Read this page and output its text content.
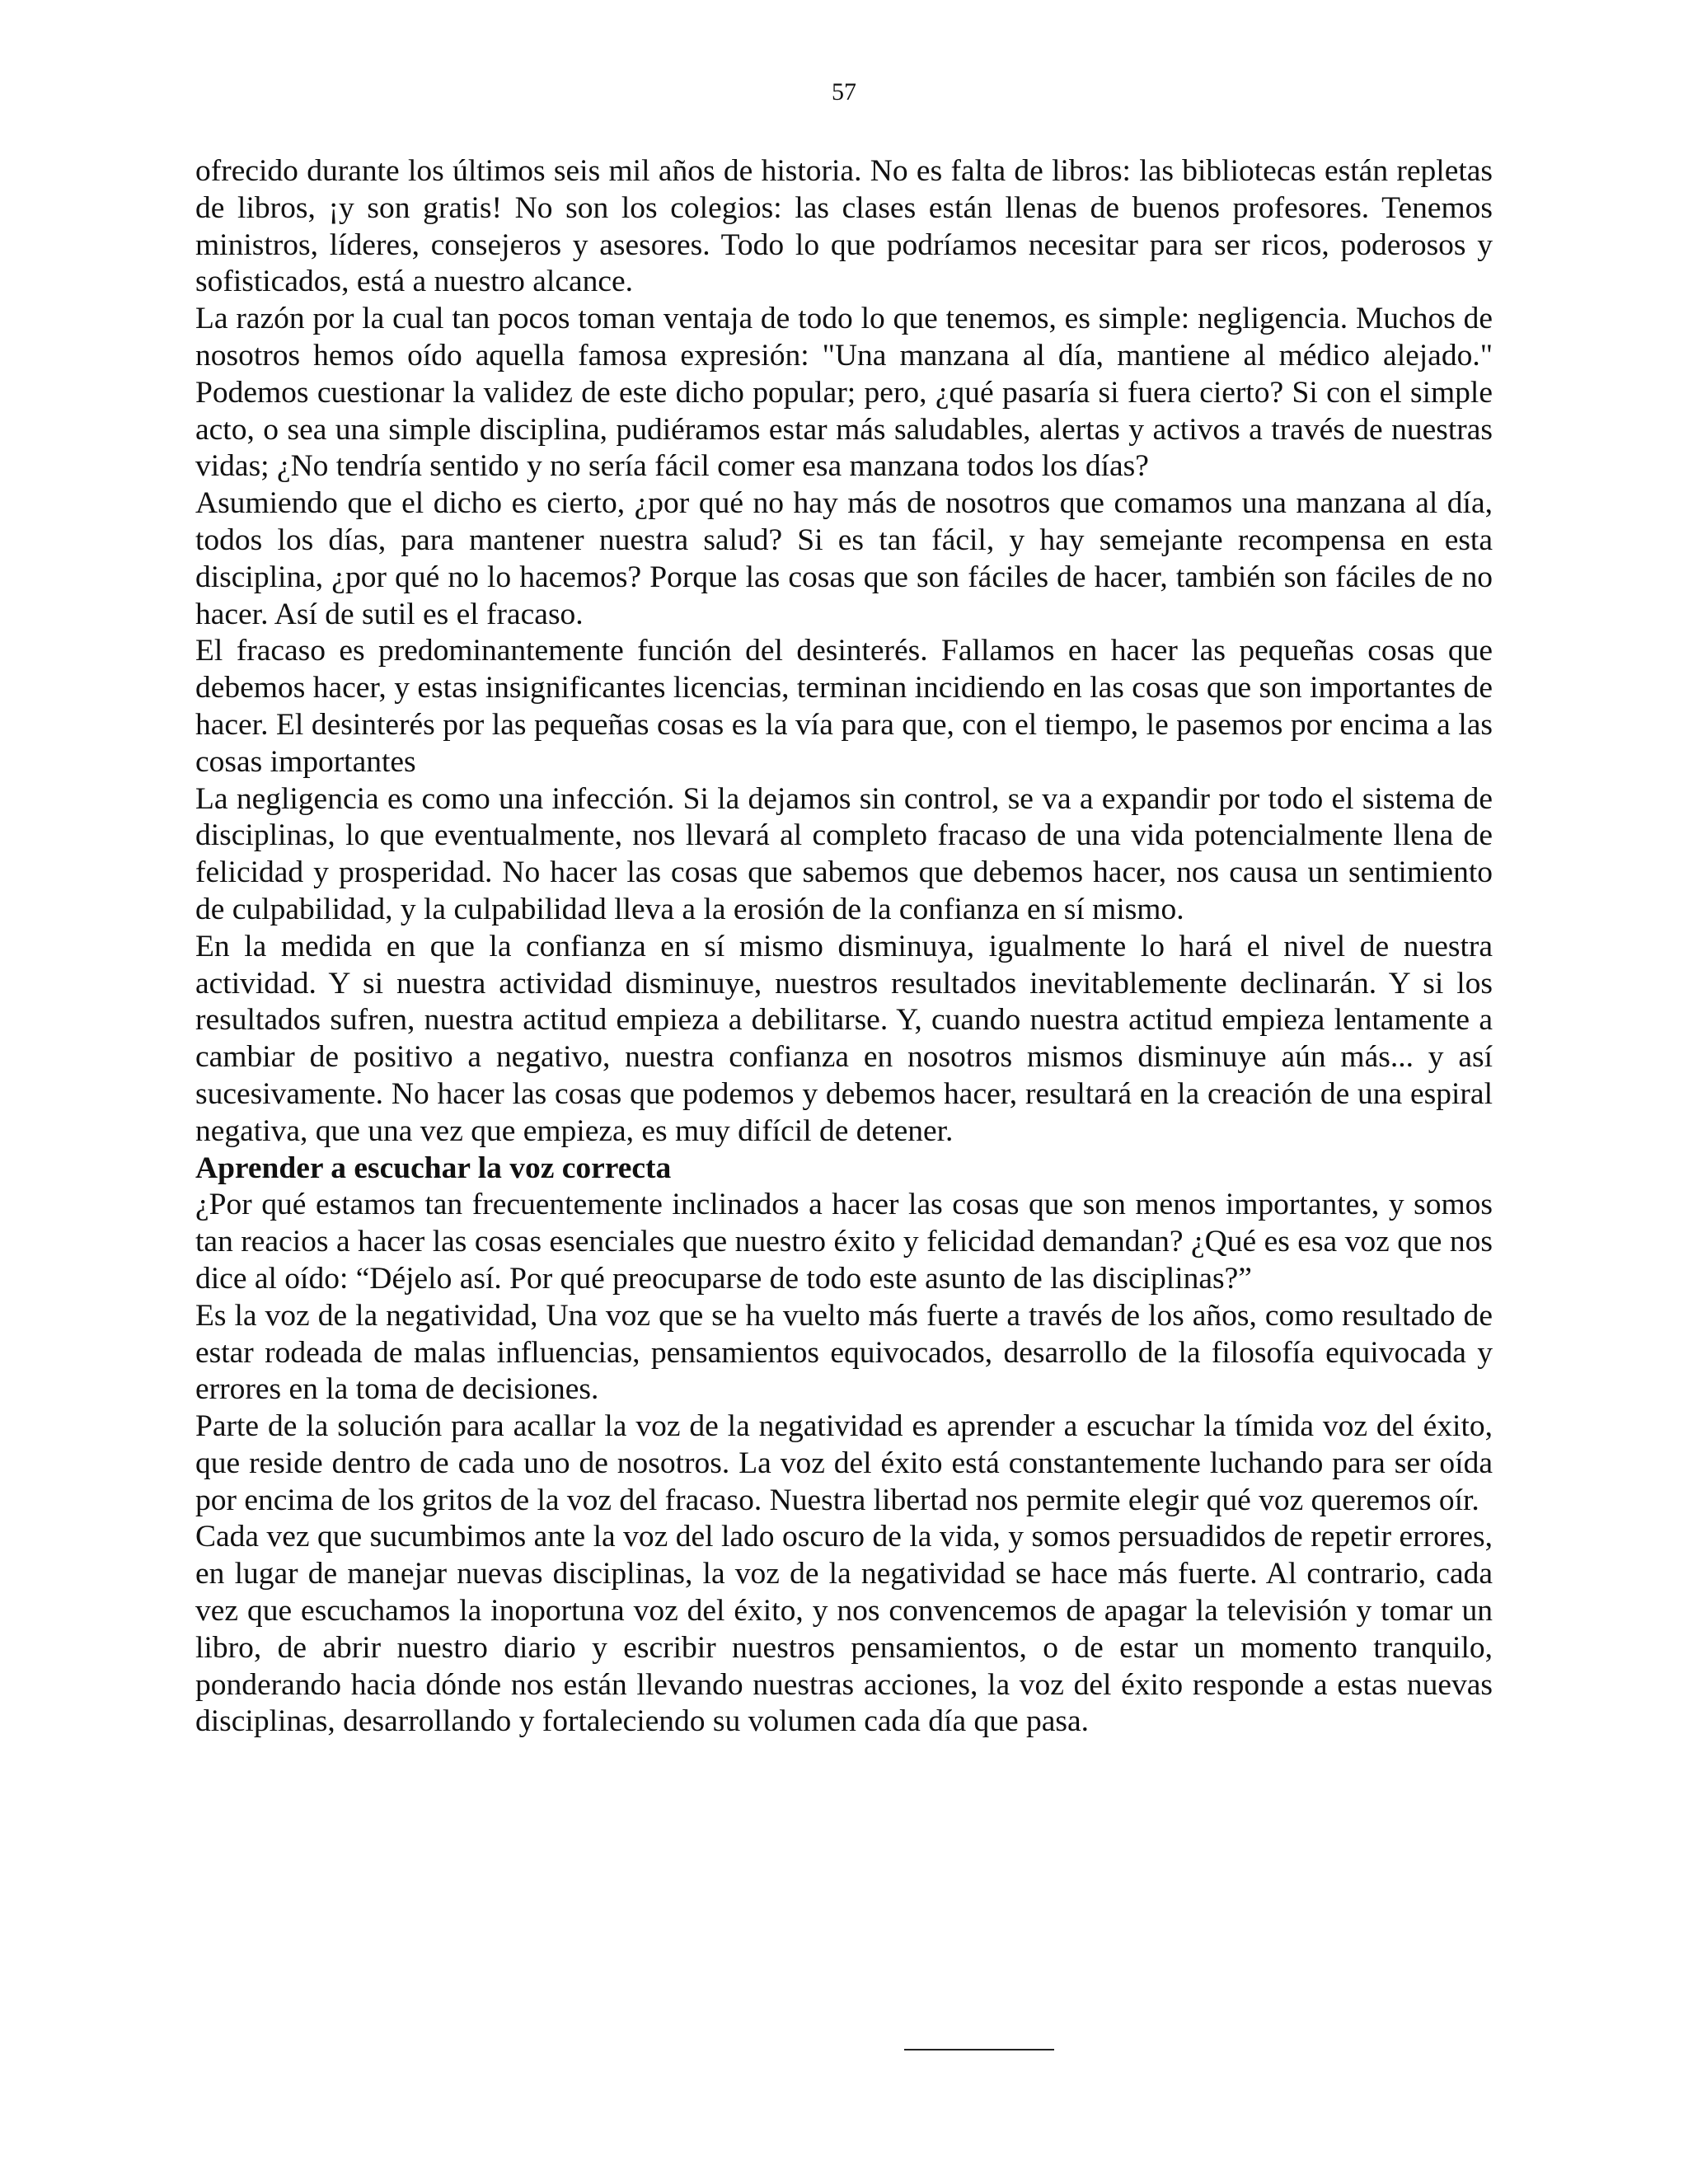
57

ofrecido durante los últimos seis mil años de historia. No es falta de libros: las bibliotecas están repletas de libros, ¡y son gratis! No son los colegios: las clases están llenas de buenos profesores. Tenemos ministros, líderes, consejeros y asesores. Todo lo que podríamos necesitar para ser ricos, poderosos y sofisticados, está a nuestro alcance.

La razón por la cual tan pocos toman ventaja de todo lo que tenemos, es simple: negligencia. Muchos de nosotros hemos oído aquella famosa expresión: "Una manzana al día, mantiene al médico alejado." Podemos cuestionar la validez de este dicho popular; pero, ¿qué pasaría si fuera cierto? Si con el simple acto, o sea una simple disciplina, pudiéramos estar más saludables, alertas y activos a través de nuestras vidas; ¿No tendría sentido y no sería fácil comer esa manzana todos los días?

Asumiendo que el dicho es cierto, ¿por qué no hay más de nosotros que comamos una manzana al día, todos los días, para mantener nuestra salud? Si es tan fácil, y hay semejante recompensa en esta disciplina, ¿por qué no lo hacemos? Porque las cosas que son fáciles de hacer, también son fáciles de no hacer. Así de sutil es el fracaso.

El fracaso es predominantemente función del desinterés. Fallamos en hacer las pequeñas cosas que debemos hacer, y estas insignificantes licencias, terminan incidiendo en las cosas que son importantes de hacer. El desinterés por las pequeñas cosas es la vía para que, con el tiempo, le pasemos por encima a las cosas importantes

La negligencia es como una infección. Si la dejamos sin control, se va a expandir por todo el sistema de disciplinas, lo que eventualmente, nos llevará al completo fracaso de una vida potencialmente llena de felicidad y prosperidad. No hacer las cosas que sabemos que debemos hacer, nos causa un sentimiento de culpabilidad, y la culpabilidad lleva a la erosión de la confianza en sí mismo.

En la medida en que la confianza en sí mismo disminuya, igualmente lo hará el nivel de nuestra actividad. Y si nuestra actividad disminuye, nuestros resultados inevitablemente declinarán. Y si los resultados sufren, nuestra actitud empieza a debilitarse. Y, cuando nuestra actitud empieza lentamente a cambiar de positivo a negativo, nuestra confianza en nosotros mismos disminuye aún más... y así sucesivamente. No hacer las cosas que podemos y debemos hacer, resultará en la creación de una espiral negativa, que una vez que empieza, es muy difícil de detener.

Aprender a escuchar la voz correcta

¿Por qué estamos tan frecuentemente inclinados a hacer las cosas que son menos importantes, y somos tan reacios a hacer las cosas esenciales que nuestro éxito y felicidad demandan? ¿Qué es esa voz que nos dice al oído: “Déjelo así. Por qué preocuparse de todo este asunto de las disciplinas?”

Es la voz de la negatividad, Una voz que se ha vuelto más fuerte a través de los años, como resultado de estar rodeada de malas influencias, pensamientos equivocados, desarrollo de la filosofía equivocada y errores en la toma de decisiones.

Parte de la solución para acallar la voz de la negatividad es aprender a escuchar la tímida voz del éxito, que reside dentro de cada uno de nosotros. La voz del éxito está constantemente luchando para ser oída por encima de los gritos de la voz del fracaso. Nuestra libertad nos permite elegir qué voz queremos oír.

Cada vez que sucumbimos ante la voz del lado oscuro de la vida, y somos persuadidos de repetir errores, en lugar de manejar nuevas disciplinas, la voz de la negatividad se hace más fuerte. Al contrario, cada vez que escuchamos la inoportuna voz del éxito, y nos convencemos de apagar la televisión y tomar un libro, de abrir nuestro diario y escribir nuestros pensamientos, o de estar un momento tranquilo, ponderando hacia dónde nos están llevando nuestras acciones, la voz del éxito responde a estas nuevas disciplinas, desarrollando y fortaleciendo su volumen cada día que pasa.
